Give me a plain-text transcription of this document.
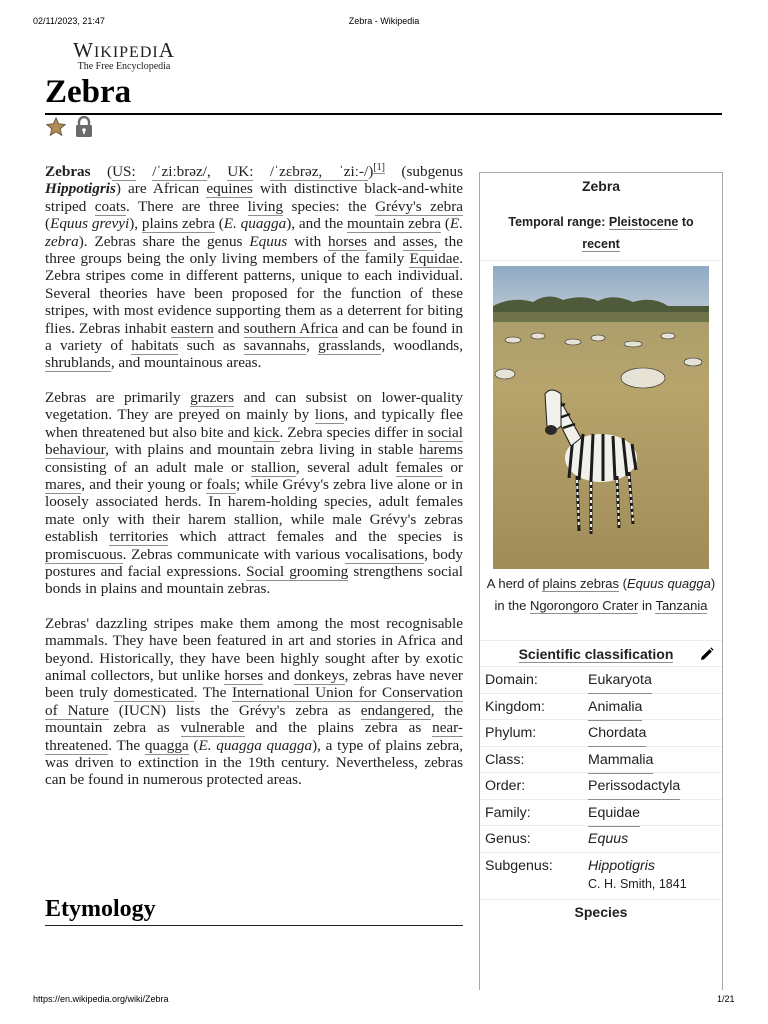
02/11/2023, 21:47	Zebra - Wikipedia
WIKIPEDIA
The Free Encyclopedia
Zebra

Zebras (US: /ˈziːbrəz/, UK: /ˈzɛbrəz, ˈziː-/)[1] (subgenus Hippotigris) are African equines with distinctive black-and-white striped coats. There are three living species: the Grévy's zebra (Equus grevyi), plains zebra (E. quagga), and the mountain zebra (E. zebra). Zebras share the genus Equus with horses and asses, the three groups being the only living members of the family Equidae. Zebra stripes come in different patterns, unique to each individual. Several theories have been proposed for the function of these stripes, with most evidence supporting them as a deterrent for biting flies. Zebras inhabit eastern and southern Africa and can be found in a variety of habitats such as savannahs, grasslands, woodlands, shrublands, and mountainous areas.

Zebras are primarily grazers and can subsist on lower-quality vegetation. They are preyed on mainly by lions, and typically flee when threatened but also bite and kick. Zebra species differ in social behaviour, with plains and mountain zebra living in stable harems consisting of an adult male or stallion, several adult females or mares, and their young or foals; while Grévy's zebra live alone or in loosely associated herds. In harem-holding species, adult females mate only with their harem stallion, while male Grévy's zebras establish territories which attract females and the species is promiscuous. Zebras communicate with various vocalisations, body postures and facial expressions. Social grooming strengthens social bonds in plains and mountain zebras.

Zebras' dazzling stripes make them among the most recognisable mammals. They have been featured in art and stories in Africa and beyond. Historically, they have been highly sought after by exotic animal collectors, but unlike horses and donkeys, zebras have never been truly domesticated. The International Union for Conservation of Nature (IUCN) lists the Grévy's zebra as endangered, the mountain zebra as vulnerable and the plains zebra as near-threatened. The quagga (E. quagga quagga), a type of plains zebra, was driven to extinction in the 19th century. Nevertheless, zebras can be found in numerous protected areas.

Etymology
Zebra
Temporal range: Pleistocene to recent
A herd of plains zebras (Equus quagga) in the Ngorongoro Crater in Tanzania
Scientific classification
Domain:	Eukaryota
Kingdom:	Animalia
Phylum:	Chordata
Class:	Mammalia
Order:	Perissodactyla
Family:	Equidae
Genus:	Equus
Subgenus: Hippotigris
C. H. Smith, 1841
Species
https://en.wikipedia.org/wiki/Zebra	1/21
